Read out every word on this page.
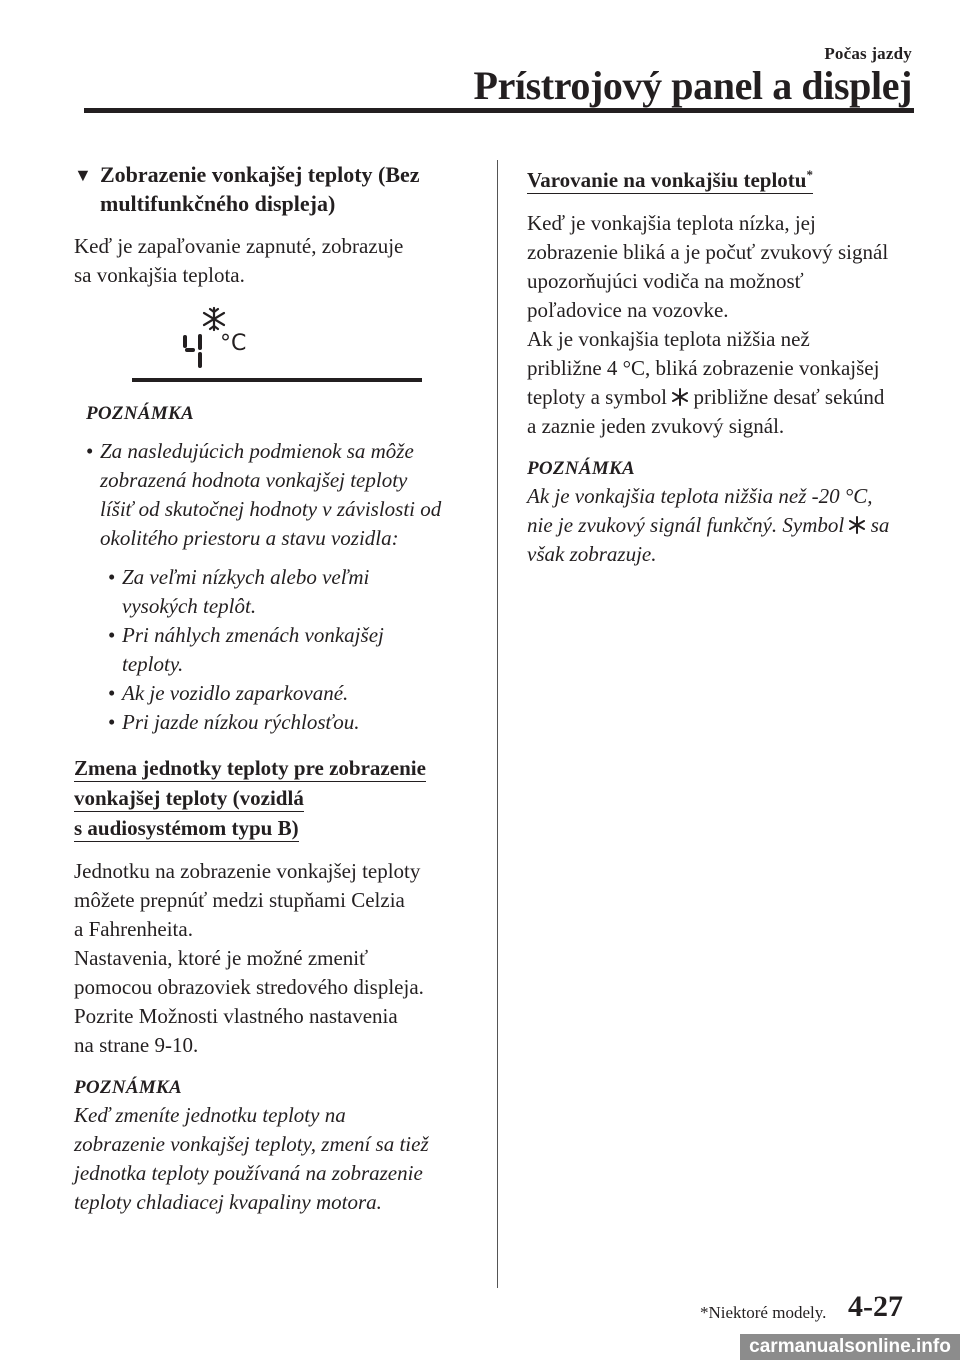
Počas jazdy
Prístrojový panel a displej
▼ Zobrazenie vonkajšej teploty (Bez
multifunkčného displeja)

Keď je zapaľovanie zapnuté, zobrazuje
sa vonkajšia teplota.

°C

POZNÁMKA

• Za nasledujúcich podmienok sa môže
zobrazená hodnota vonkajšej teploty
líšiť od skutočnej hodnoty v závislosti od
okolitého priestoru a stavu vozidla:
• Za veľmi nízkych alebo veľmi
vysokých teplôt.
• Pri náhlych zmenách vonkajšej
teploty.
• Ak je vozidlo zaparkované.
• Pri jazde nízkou rýchlosťou.

Zmena jednotky teploty pre zobrazenie
vonkajšej teploty (vozidlá
s audiosystémom typu B)

Jednotku na zobrazenie vonkajšej teploty
môžete prepnúť medzi stupňami Celzia
a Fahrenheita.
Nastavenia, ktoré je možné zmeniť
pomocou obrazoviek stredového displeja.
Pozrite Možnosti vlastného nastavenia
na strane 9-10.

POZNÁMKA

Keď zmeníte jednotku teploty na
zobrazenie vonkajšej teploty, zmení sa tiež
jednotka teploty používaná na zobrazenie
teploty chladiacej kvapaliny motora.

Varovanie na vonkajšiu teplotu*

Keď je vonkajšia teplota nízka, jej
zobrazenie bliká a je počuť zvukový signál
upozorňujúci vodiča na možnosť
poľadovice na vozovke.
Ak je vonkajšia teplota nižšia než
približne 4 °C, bliká zobrazenie vonkajšej
teploty a symbol približne desať sekúnd
a zaznie jeden zvukový signál.

POZNÁMKA

Ak je vonkajšia teplota nižšia než -20 °C,
nie je zvukový signál funkčný. Symbol sa
však zobrazuje.

*Niektoré modely. 4-27
carmanualsonline.info
